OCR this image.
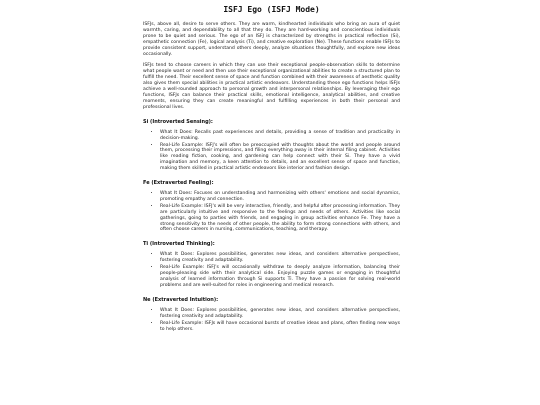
ISFJ Ego (ISFJ Mode)

ISFJs, above all, desire to serve others. They are warm, kindhearted individuals who bring an aura of quiet warmth, caring, and dependability to all that they do. They are hard-working and conscientious individuals prone to be quiet and serious. The ego of an ISFJ is characterized by strengths in practical reflection (Si), empathetic connection (Fe), logical analysis (Ti), and creative exploration (Ne). These functions enable ISFJs to provide consistent support, understand others deeply, analyze situations thoughtfully, and explore new ideas occasionally.

ISFJs tend to choose careers in which they can use their exceptional people-observation skills to determine what people want or need and then use their exceptional organizational abilities to create a structured plan to fulfill the need. Their excellent sense of space and function combined with their awareness of aesthetic quality also gives them special abilities in practical artistic endeavors. Understanding these ego functions helps ISFJs achieve a well-rounded approach to personal growth and interpersonal relationships. By leveraging their ego functions, ISFJs can balance their practical skills, emotional intelligence, analytical abilities, and creative moments, ensuring they can create meaningful and fulfilling experiences in both their personal and professional lives.

Si (Introverted Sensing):
• What It Does: Recalls past experiences and details, providing a sense of tradition and practicality in decision-making.
• Real-Life Example: ISFJ's will often be preoccupied with thoughts about the world and people around them, processing their impressions, and filing everything away in their internal filing cabinet. Activities like reading fiction, cooking, and gardening can help connect with their Si. They have a vivid imagination and memory, a keen attention to details, and an excellent sense of space and function, making them skilled in practical artistic endeavors like interior and fashion design.
Fe (Extraverted Feeling):
• What It Does: Focuses on understanding and harmonizing with others' emotions and social dynamics, promoting empathy and connection.
• Real-Life Example: ISFJ's will be very interactive, friendly, and helpful after processing information. They are particularly intuitive and responsive to the feelings and needs of others. Activities like social gatherings, going to parties with friends, and engaging in group activities enhance Fe. They have a strong sensitivity to the needs of other people, the ability to form strong connections with others, and often choose careers in nursing, communications, teaching, and therapy.
Ti (Introverted Thinking):
• What It Does: Explores possibilities, generates new ideas, and considers alternative perspectives, fostering creativity and adaptability.
• Real-Life Example: ISFJ's will occasionally withdraw to deeply analyze information, balancing their people-pleasing side with their analytical side. Enjoying puzzle games or engaging in thoughtful analysis of learned information through Si supports Ti. They have a passion for solving real-world problems and are well-suited for roles in engineering and medical research.
Ne (Extraverted Intuition):
• What It Does: Explores possibilities, generates new ideas, and considers alternative perspectives, fostering creativity and adaptability.
• Real-Life Example: ISFJs will have occasional bursts of creative ideas and plans, often finding new ways to help others.
